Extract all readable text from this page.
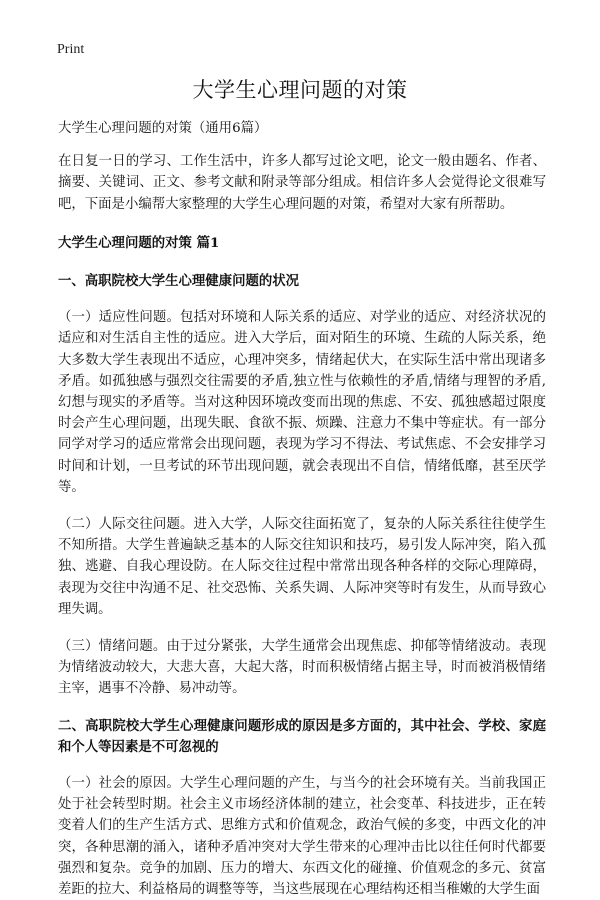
Print
大学生心理问题的对策

大学生心理问题的对策（通用6篇）

在日复一日的学习、工作生活中，许多人都写过论文吧，论文一般由题名、作者、摘要、关键词、正文、参考文献和附录等部分组成。相信许多人会觉得论文很难写吧，下面是小编帮大家整理的大学生心理问题的对策，希望对大家有所帮助。

大学生心理问题的对策 篇1

一、高职院校大学生心理健康问题的状况

（一）适应性问题。包括对环境和人际关系的适应、对学业的适应、对经济状况的适应和对生活自主性的适应。进入大学后，面对陌生的环境、生疏的人际关系，绝大多数大学生表现出不适应，心理冲突多，情绪起伏大，在实际生活中常出现诸多矛盾。如孤独感与强烈交往需要的矛盾,独立性与依赖性的矛盾,情绪与理智的矛盾,幻想与现实的矛盾等。当对这种因环境改变而出现的焦虑、不安、孤独感超过限度时会产生心理问题，出现失眠、食欲不振、烦躁、注意力不集中等症状。有一部分同学对学习的适应常常会出现问题，表现为学习不得法、考试焦虑、不会安排学习时间和计划，一旦考试的环节出现问题，就会表现出不自信，情绪低靡，甚至厌学等。

（二）人际交往问题。进入大学，人际交往面拓宽了，复杂的人际关系往往使学生不知所措。大学生普遍缺乏基本的人际交往知识和技巧，易引发人际冲突，陷入孤独、逃避、自我心理设防。在人际交往过程中常常出现各种各样的交际心理障碍，表现为交往中沟通不足、社交恐怖、关系失调、人际冲突等时有发生，从而导致心理失调。

（三）情绪问题。由于过分紧张，大学生通常会出现焦虑、抑郁等情绪波动。表现为情绪波动较大，大悲大喜，大起大落，时而积极情绪占据主导，时而被消极情绪主宰，遇事不冷静、易冲动等。

二、高职院校大学生心理健康问题形成的原因是多方面的，其中社会、学校、家庭和个人等因素是不可忽视的

（一）社会的原因。大学生心理问题的产生，与当今的社会环境有关。当前我国正处于社会转型时期。社会主义市场经济体制的建立，社会变革、科技进步，正在转变着人们的生产生活方式、思维方式和价值观念，政治气候的多变，中西文化的冲突，各种思潮的涌入，诸种矛盾冲突对大学生带来的心理冲击比以往任何时代都要强烈和复杂。竞争的加剧、压力的增大、东西文化的碰撞、价值观念的多元、贫富差距的拉大、利益格局的调整等等，当这些展现在心理结构还相当稚嫩的大学生面
